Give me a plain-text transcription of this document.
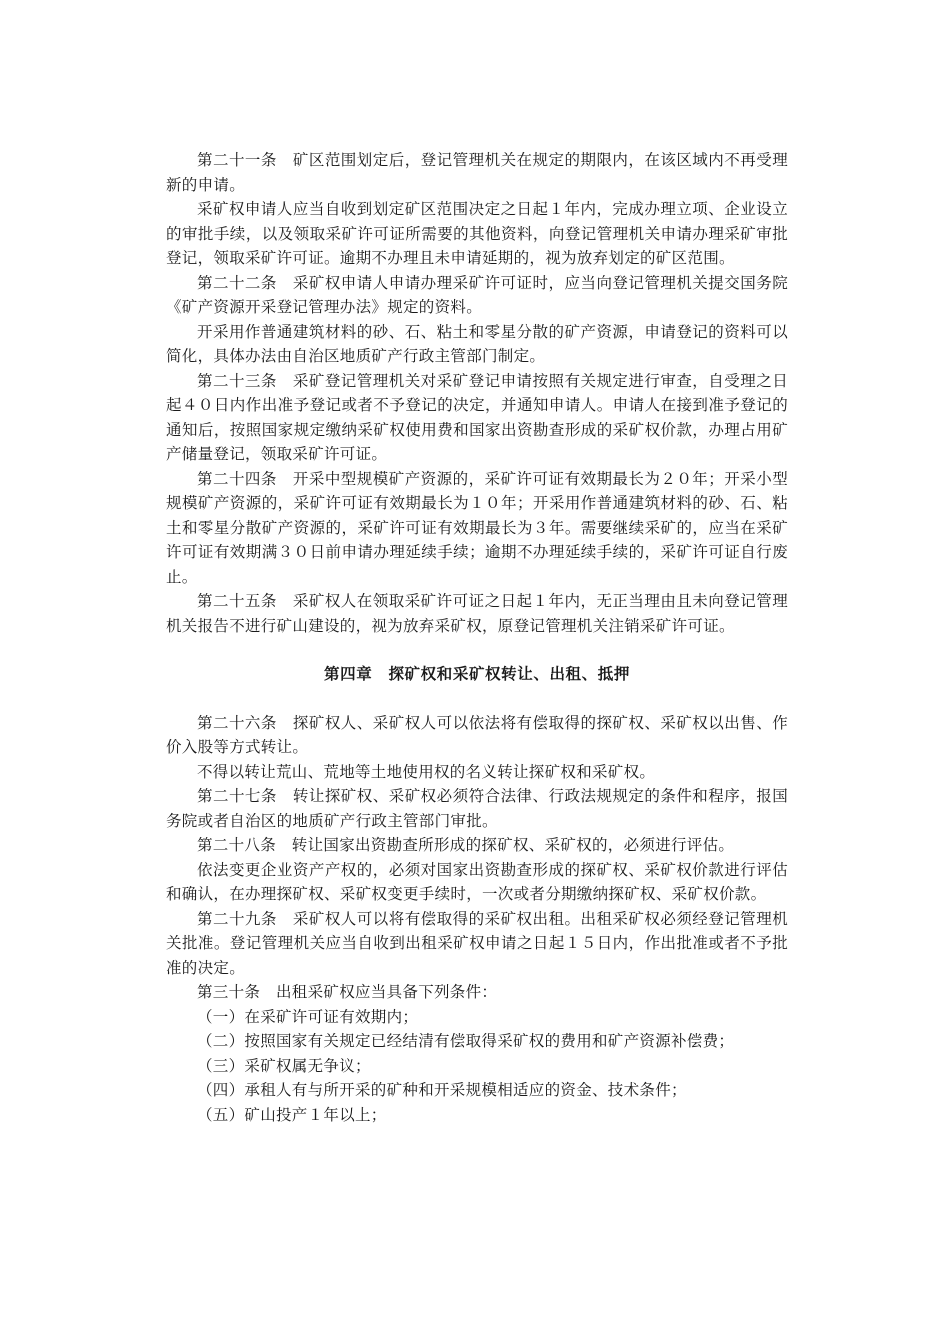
第二十一条　矿区范围划定后，登记管理机关在规定的期限内，在该区域内不再受理新的申请。

采矿权申请人应当自收到划定矿区范围决定之日起１年内，完成办理立项、企业设立的审批手续，以及领取采矿许可证所需要的其他资料，向登记管理机关申请办理采矿审批登记，领取采矿许可证。逾期不办理且未申请延期的，视为放弃划定的矿区范围。

第二十二条　采矿权申请人申请办理采矿许可证时，应当向登记管理机关提交国务院《矿产资源开采登记管理办法》规定的资料。

开采用作普通建筑材料的砂、石、粘土和零星分散的矿产资源，申请登记的资料可以简化，具体办法由自治区地质矿产行政主管部门制定。

第二十三条　采矿登记管理机关对采矿登记申请按照有关规定进行审查，自受理之日起４０日内作出准予登记或者不予登记的决定，并通知申请人。申请人在接到准予登记的通知后，按照国家规定缴纳采矿权使用费和国家出资勘查形成的采矿权价款，办理占用矿产储量登记，领取采矿许可证。

第二十四条　开采中型规模矿产资源的，采矿许可证有效期最长为２０年；开采小型规模矿产资源的，采矿许可证有效期最长为１０年；开采用作普通建筑材料的砂、石、粘土和零星分散矿产资源的，采矿许可证有效期最长为３年。需要继续采矿的，应当在采矿许可证有效期满３０日前申请办理延续手续；逾期不办理延续手续的，采矿许可证自行废止。

第二十五条　采矿权人在领取采矿许可证之日起１年内，无正当理由且未向登记管理机关报告不进行矿山建设的，视为放弃采矿权，原登记管理机关注销采矿许可证。

第四章　探矿权和采矿权转让、出租、抵押

第二十六条　探矿权人、采矿权人可以依法将有偿取得的探矿权、采矿权以出售、作价入股等方式转让。

不得以转让荒山、荒地等土地使用权的名义转让探矿权和采矿权。

第二十七条　转让探矿权、采矿权必须符合法律、行政法规规定的条件和程序，报国务院或者自治区的地质矿产行政主管部门审批。

第二十八条　转让国家出资勘查所形成的探矿权、采矿权的，必须进行评估。

依法变更企业资产产权的，必须对国家出资勘查形成的探矿权、采矿权价款进行评估和确认，在办理探矿权、采矿权变更手续时，一次或者分期缴纳探矿权、采矿权价款。

第二十九条　采矿权人可以将有偿取得的采矿权出租。出租采矿权必须经登记管理机关批准。登记管理机关应当自收到出租采矿权申请之日起１５日内，作出批准或者不予批准的决定。

第三十条　出租采矿权应当具备下列条件：

（一）在采矿许可证有效期内；

（二）按照国家有关规定已经结清有偿取得采矿权的费用和矿产资源补偿费；

（三）采矿权属无争议；

（四）承租人有与所开采的矿种和开采规模相适应的资金、技术条件；

（五）矿山投产１年以上；
